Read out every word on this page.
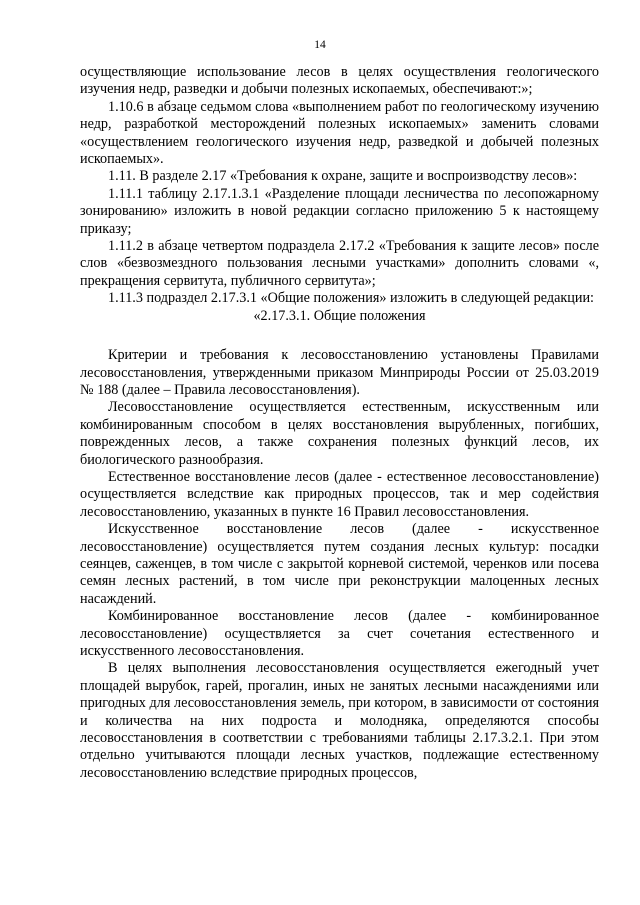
14

осуществляющие использование лесов в целях осуществления геологического изучения недр, разведки и добычи полезных ископаемых, обеспечивают:»;

1.10.6 в абзаце седьмом слова «выполнением работ по геологическому изучению недр, разработкой месторождений полезных ископаемых» заменить словами «осуществлением геологического изучения недр, разведкой и добычей полезных ископаемых».

1.11. В разделе 2.17 «Требования к охране, защите и воспроизводству лесов»:

1.11.1 таблицу 2.17.1.3.1 «Разделение площади лесничества по лесопожарному зонированию» изложить в новой редакции согласно приложению 5 к настоящему приказу;

1.11.2 в абзаце четвертом подраздела 2.17.2 «Требования к защите лесов» после слов «безвозмездного пользования лесными участками» дополнить словами «, прекращения сервитута, публичного сервитута»;

1.11.3 подраздел 2.17.3.1 «Общие положения» изложить в следующей редакции:

«2.17.3.1. Общие положения

Критерии и требования к лесовосстановлению установлены Правилами лесовосстановления, утвержденными приказом Минприроды России от 25.03.2019 № 188 (далее – Правила лесовосстановления).

Лесовосстановление осуществляется естественным, искусственным или комбинированным способом в целях восстановления вырубленных, погибших, поврежденных лесов, а также сохранения полезных функций лесов, их биологического разнообразия.

Естественное восстановление лесов (далее - естественное лесовосстановление) осуществляется вследствие как природных процессов, так и мер содействия лесовосстановлению, указанных в пункте 16 Правил лесовосстановления.

Искусственное восстановление лесов (далее - искусственное лесовосстановление) осуществляется путем создания лесных культур: посадки сеянцев, саженцев, в том числе с закрытой корневой системой, черенков или посева семян лесных растений, в том числе при реконструкции малоценных лесных насаждений.

Комбинированное восстановление лесов (далее - комбинированное лесовосстановление) осуществляется за счет сочетания естественного и искусственного лесовосстановления.

В целях выполнения лесовосстановления осуществляется ежегодный учет площадей вырубок, гарей, прогалин, иных не занятых лесными насаждениями или пригодных для лесовосстановления земель, при котором, в зависимости от состояния и количества на них подроста и молодняка, определяются способы лесовосстановления в соответствии с требованиями таблицы 2.17.3.2.1. При этом отдельно учитываются площади лесных участков, подлежащие естественному лесовосстановлению вследствие природных процессов,
